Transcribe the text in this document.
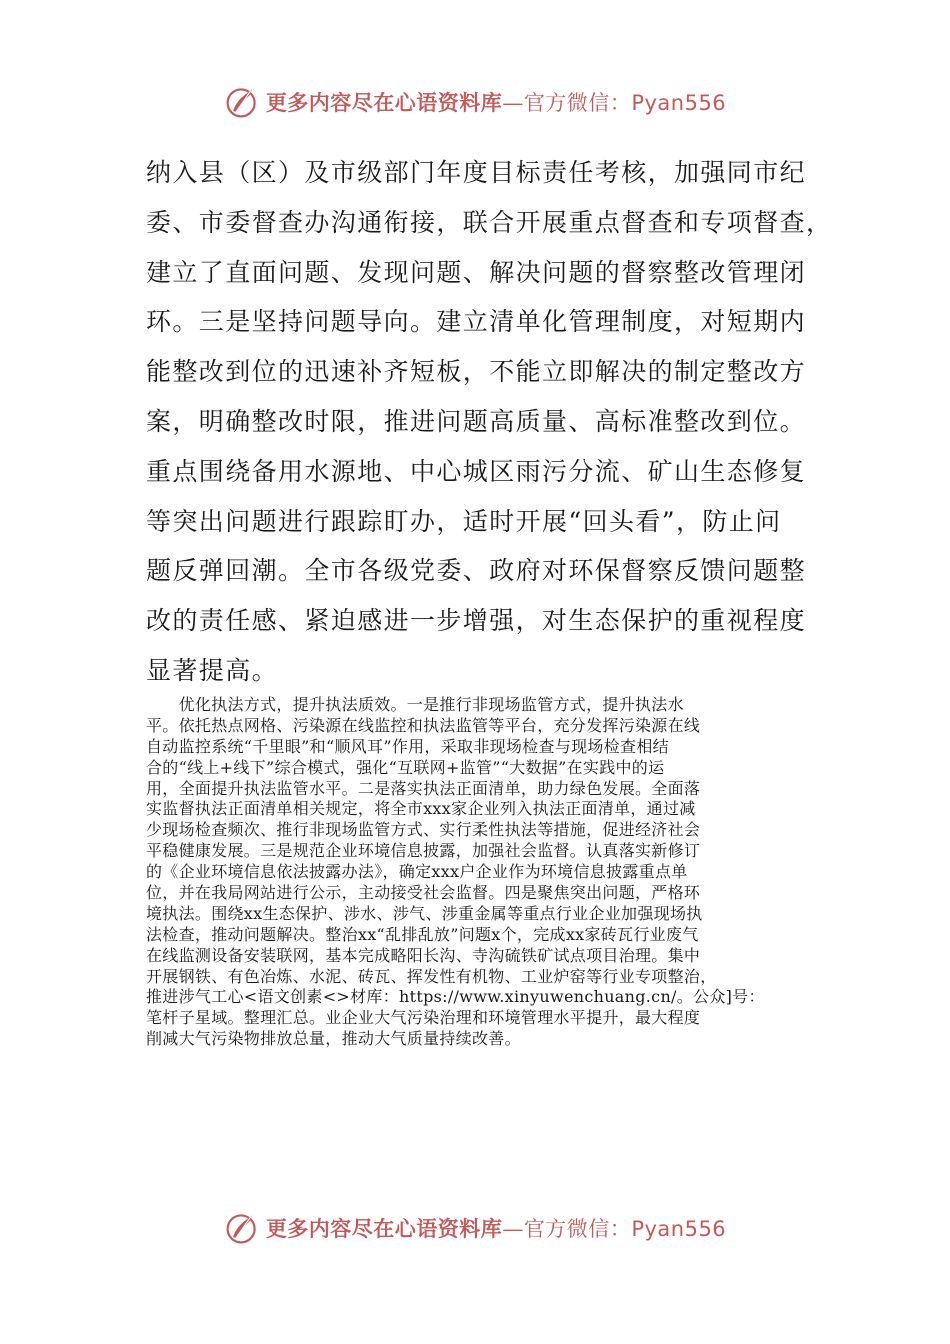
更多内容尽在心语资料库—官方微信：Pyan556
纳入县（区）及市级部门年度目标责任考核，加强同市纪
委、市委督查办沟通衔接，联合开展重点督查和专项督查，
建立了直面问题、发现问题、解决问题的督察整改管理闭
环。三是坚持问题导向。建立清单化管理制度，对短期内
能整改到位的迅速补齐短板，不能立即解决的制定整改方
案，明确整改时限，推进问题高质量、高标准整改到位。
重点围绕备用水源地、中心城区雨污分流、矿山生态修复
等突出问题进行跟踪盯办，适时开展“回头看”，防止问
题反弹回潮。全市各级党委、政府对环保督察反馈问题整
改的责任感、紧迫感进一步增强，对生态保护的重视程度
显著提高。
　　优化执法方式，提升执法质效。一是推行非现场监管方式，提升执法水
平。依托热点网格、污染源在线监控和执法监管等平台，充分发挥污染源在线
自动监控系统“千里眼”和“顺风耳”作用，采取非现场检查与现场检查相结
合的“线上+线下”综合模式，强化“互联网+监管”“大数据”在实践中的运
用，全面提升执法监管水平。二是落实执法正面清单，助力绿色发展。全面落
实监督执法正面清单相关规定，将全市xxx家企业列入执法正面清单，通过减
少现场检查频次、推行非现场监管方式、实行柔性执法等措施，促进经济社会
平稳健康发展。三是规范企业环境信息披露，加强社会监督。认真落实新修订
的《企业环境信息依法披露办法》，确定xxx户企业作为环境信息披露重点单
位，并在我局网站进行公示，主动接受社会监督。四是聚焦突出问题，严格环
境执法。围绕xx生态保护、涉水、涉气、涉重金属等重点行业企业加强现场执
法检查，推动问题解决。整治xx“乱排乱放”问题x个，完成xx家砖瓦行业废气
在线监测设备安装联网，基本完成略阳长沟、寺沟硫铁矿试点项目治理。集中
开展钢铁、有色冶炼、水泥、砖瓦、挥发性有机物、工业炉窑等行业专项整治，
推进涉气工心<语文创素<>材库：https://www.xinyuwenchuang.cn/。公众]号：
笔杆子星域。整理汇总。业企业大气污染治理和环境管理水平提升，最大程度
削减大气污染物排放总量，推动大气质量持续改善。
更多内容尽在心语资料库—官方微信：Pyan556
